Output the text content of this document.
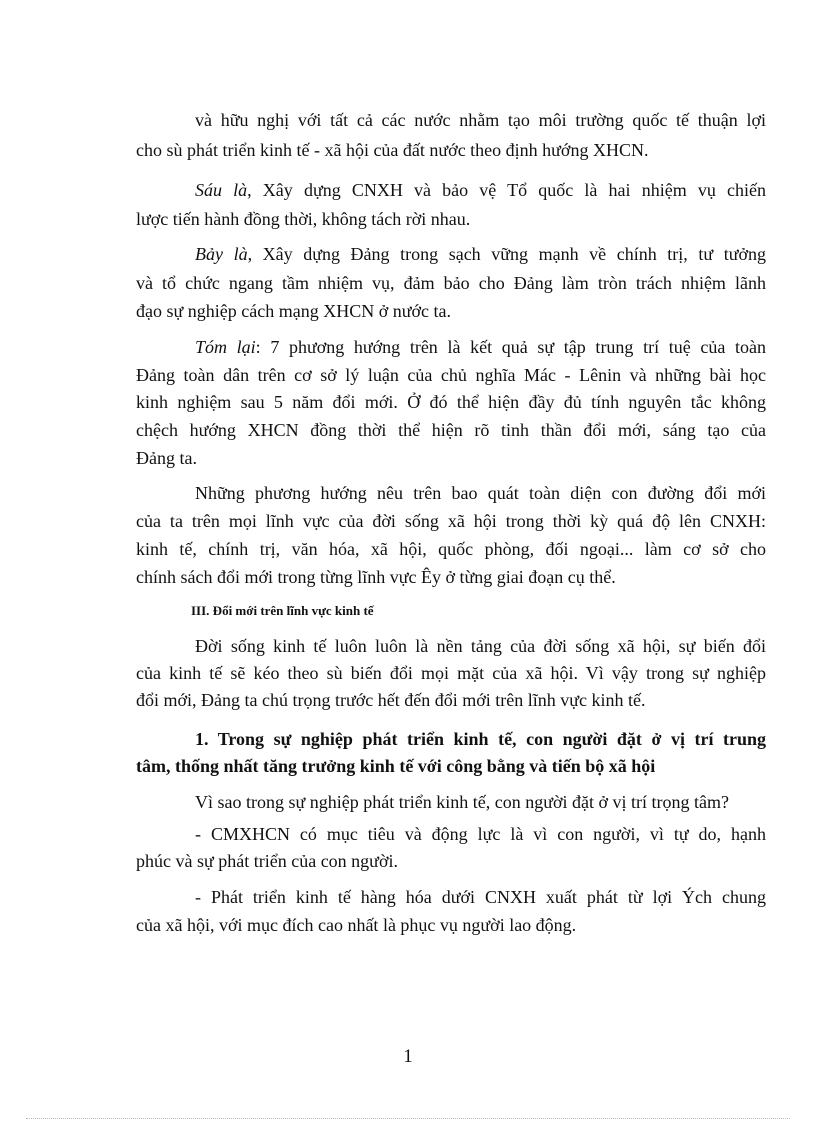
và hữu nghị với tất cả các nước nhằm tạo môi trường quốc tế thuận lợi
cho sù phát triển kinh tế - xã hội của đất nước theo định hướng XHCN.
Sáu là, Xây dựng CNXH và bảo vệ Tổ quốc là hai nhiệm vụ chiến
lược tiến hành đồng thời, không tách rời nhau.
Bảy là, Xây dựng Đảng trong sạch vững mạnh về chính trị, tư tưởng
và tổ chức ngang tầm nhiệm vụ, đảm bảo cho Đảng làm tròn trách nhiệm lãnh
đạo sự nghiệp cách mạng XHCN ở nước ta.
Tóm lại: 7 phương hướng trên là kết quả sự tập trung trí tuệ của toàn
Đảng toàn dân trên cơ sở lý luận của chủ nghĩa Mác - Lênin và những bài học
kinh nghiệm sau 5 năm đổi mới. Ở đó thể hiện đầy đủ tính nguyên tắc không
chệch hướng XHCN đồng thời thể hiện rõ tinh thần đổi mới, sáng tạo của
Đảng ta.
Những phương hướng nêu trên bao quát toàn diện con đường đổi mới
của ta trên mọi lĩnh vực của đời sống xã hội trong thời kỳ quá độ lên CNXH:
kinh tế, chính trị, văn hóa, xã hội, quốc phòng, đối ngoại... làm cơ sở cho
chính sách đổi mới trong từng lĩnh vực Êy ở từng giai đoạn cụ thể.
III. Đổi mới trên lĩnh vực kinh tế
Đời sống kinh tế luôn luôn là nền tảng của đời sống xã hội, sự biến đổi
của kinh tế sẽ kéo theo sù biến đổi mọi mặt của xã hội. Vì vậy trong sự nghiệp
đổi mới, Đảng ta chú trọng trước hết đến đổi mới trên lĩnh vực kinh tế.
1. Trong sự nghiệp phát triển kinh tế, con người đặt ở vị trí trung
tâm, thống nhất tăng trưởng kinh tế với công bằng và tiến bộ xã hội
Vì sao trong sự nghiệp phát triển kinh tế, con người đặt ở vị trí trọng tâm?
- CMXHCN có mục tiêu và động lực là vì con người, vì tự do, hạnh
phúc và sự phát triển của con người.
- Phát triển kinh tế hàng hóa dưới CNXH xuất phát từ lợi Ých chung
của xã hội, với mục đích cao nhất là phục vụ người lao động.
1
